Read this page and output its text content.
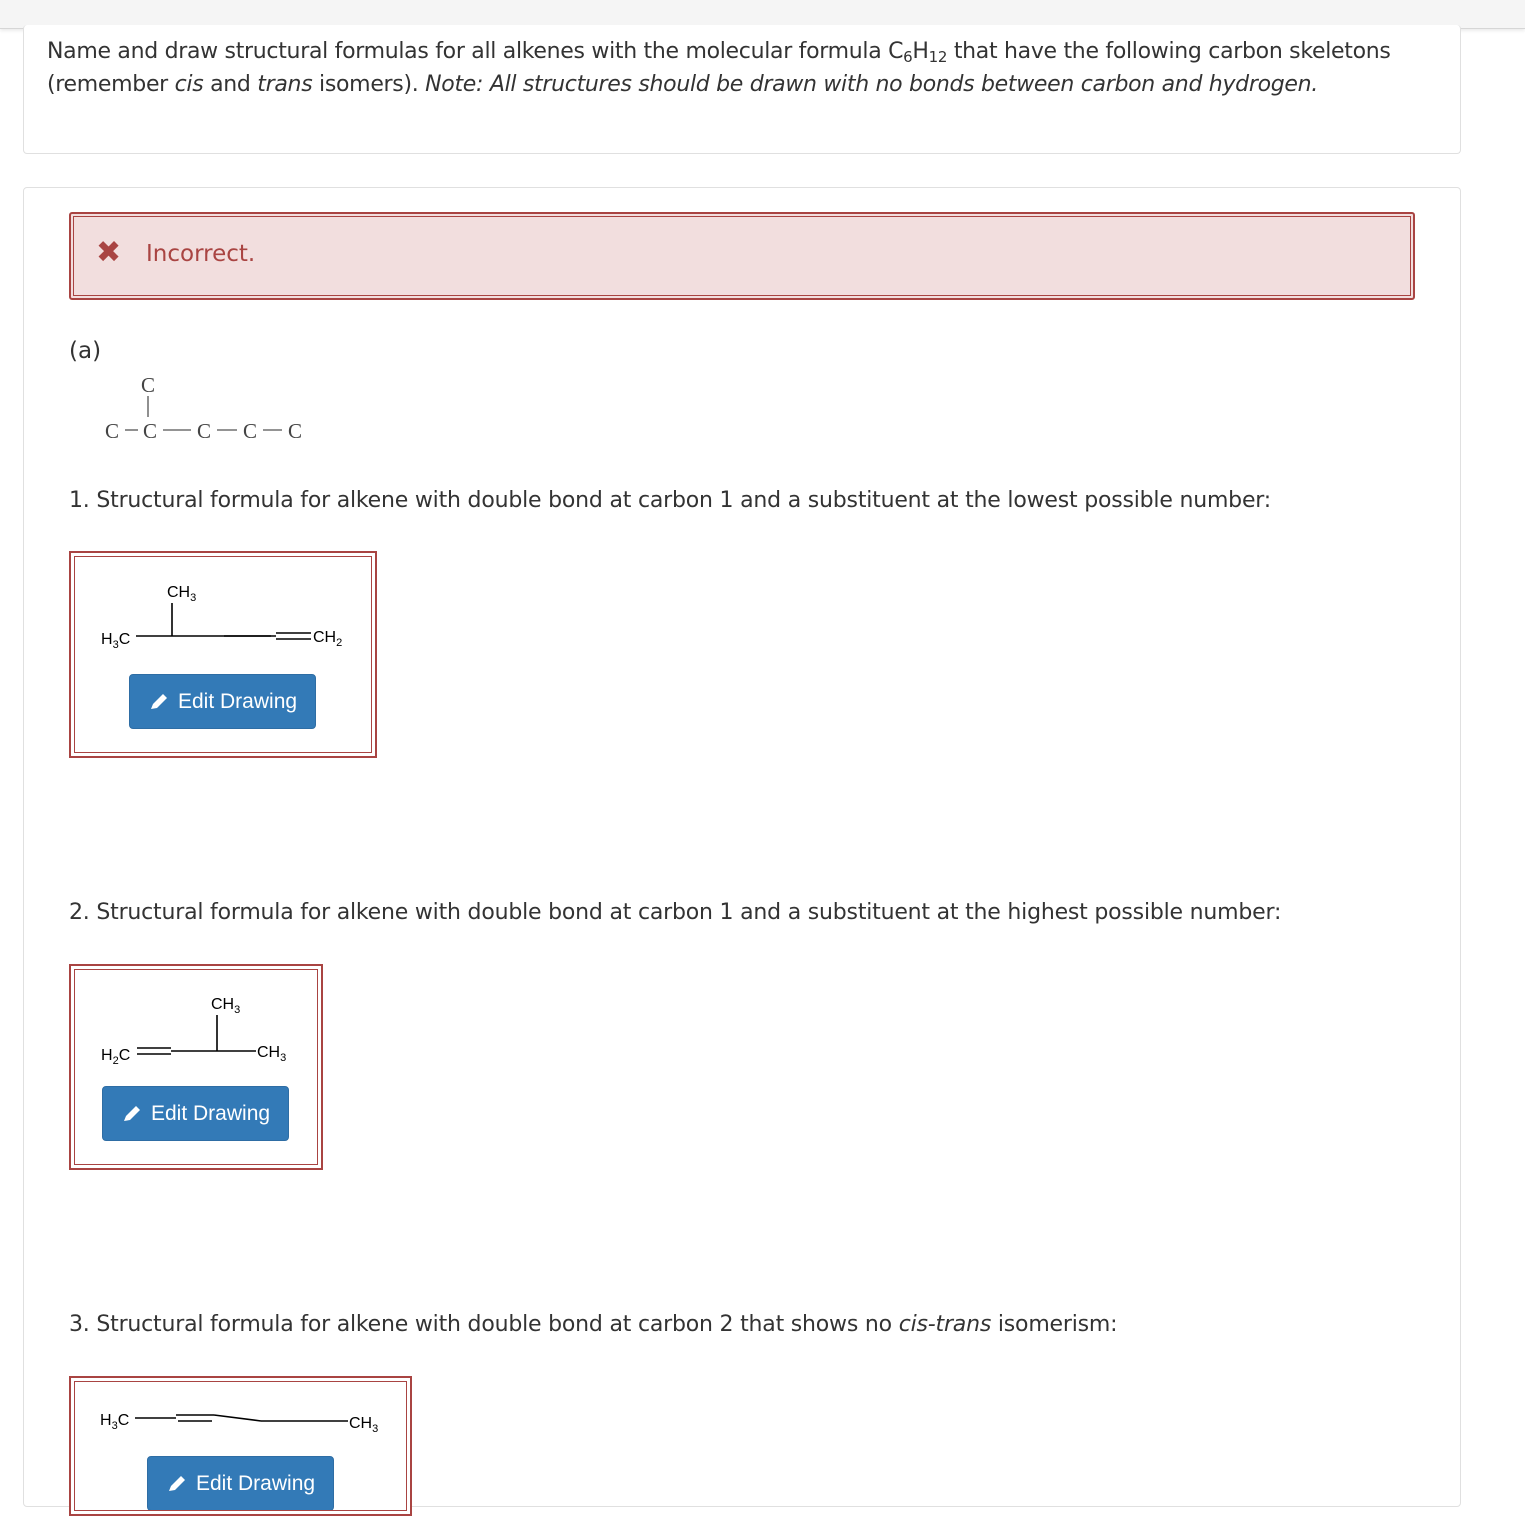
Name and draw structural formulas for all alkenes with the molecular formula $C_6H_{12}$ that have the following carbon skeletons (remember cis and trans isomers). Note: All structures should be drawn with no bonds between carbon and hydrogen.
✖ Incorrect.
(a)
C
C C C C C
1. Structural formula for alkene with double bond at carbon 1 and a substituent at the lowest possible number:
$H_3C$
$CH_3$
$CH_2$
Edit Drawing
2. Structural formula for alkene with double bond at carbon 1 and a substituent at the highest possible number:
$H_2C$
$CH_3$
$CH_3$
Edit Drawing
3. Structural formula for alkene with double bond at carbon 2 that shows no cis-trans isomerism:
$H_3C$	$CH_3$
Edit Drawing
